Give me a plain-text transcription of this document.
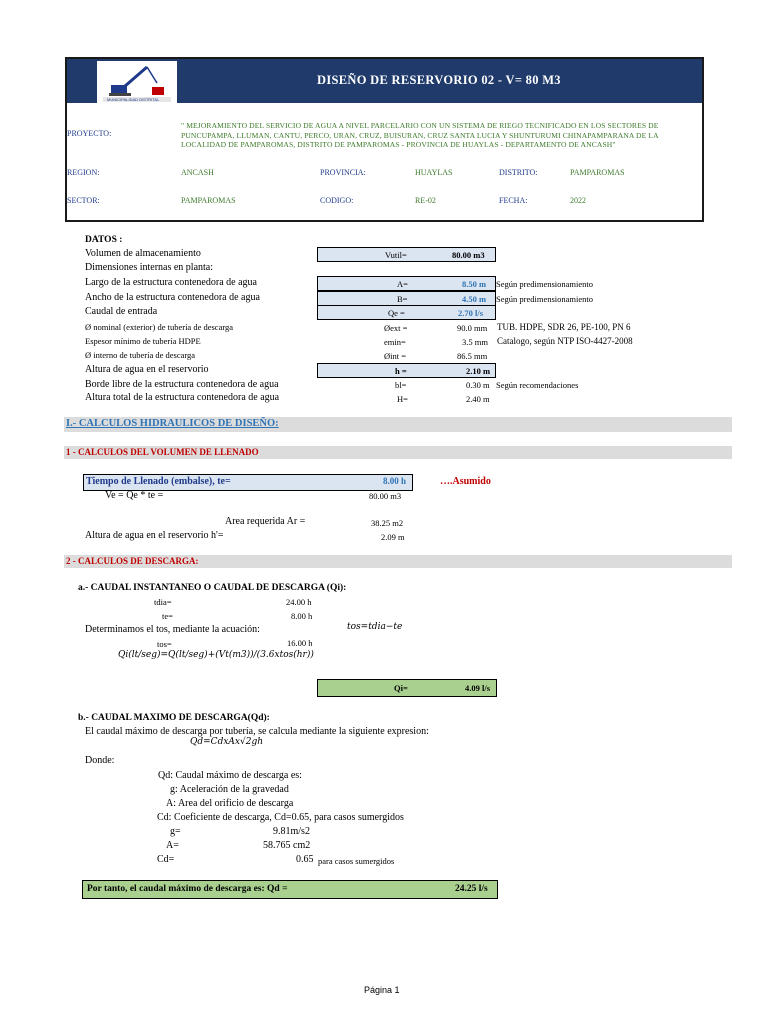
MUNICIPALIDAD DISTRITAL
DISEÑO DE RESERVORIO 02 - V= 80 M3
PROYECTO:
" MEJORAMIENTO DEL SERVICIO DE AGUA A NIVEL PARCELARIO CON UN SISTEMA DE RIEGO TECNIFICADO EN LOS SECTORES DE PUNCUPAMPA, LLUMAN, CANTU, PERCO, URAN, CRUZ, BUISURAN, CRUZ SANTA LUCIA Y SHUNTURUMI CHINAPAMPARANA DE LA LOCALIDAD DE PAMPAROMAS, DISTRITO DE PAMPAROMAS - PROVINCIA DE HUAYLAS - DEPARTAMENTO DE ANCASH"
REGION:	ANCASH	PROVINCIA:	HUAYLAS	DISTRITO:	PAMPAROMAS
SECTOR:	PAMPAROMAS	CODIGO:	RE-02	FECHA:	2022
DATOS :
Volumen de almacenamiento	Vutil=	80.00 m3
Dimensiones internas en planta:
Largo de la estructura contenedora de agua	A=	8.50 m Según predimensionamiento
Ancho de la estructura contenedora de agua	B=	4.50 m Según predimensionamiento
Caudal de entrada	Qe =	2.70 l/s
Ø nominal (exterior) de tubería de descarga	Øext =	90.0 mm TUB. HDPE, SDR 26, PE-100, PN 6
Espesor mínimo de tubería HDPE	emin=	3.5 mm Catalogo, según NTP ISO-4427-2008
Ø interno de tubería de descarga	Øint =	86.5 mm
Altura de agua en el reservorio	h =	2.10 m
Borde libre de la estructura contenedora de agua	bl=	0.30 m Según recomendaciones
Altura total de la estructura contenedora de agua	H=	2.40 m
I.- CALCULOS HIDRAULICOS DE DISEÑO:
1 - CALCULOS DEL VOLUMEN DE LLENADO
Tiempo de Llenado (embalse), te=	8.00 h	….Asumido
Ve = Qe * te =	80.00 m3
Area requerida Ar =	38.25 m2
Altura de agua en el reservorio h'=	2.09 m
2 - CALCULOS DE DESCARGA:
a.- CAUDAL INSTANTANEO O CAUDAL DE DESCARGA (Qi):
tdia=	24.00 h
te=	8.00 h
Determinamos el tos, mediante la acuación:	tos=tdia−te
tos=	16.00 h
Qi(lt/seg)=Q(lt/seg)+(Vt(m3))/(3.6xtos(hr))
Qi=	4.09 l/s
b.- CAUDAL MAXIMO DE DESCARGA(Qd):
El caudal máximo de descarga por tubería, se calcula mediante la siguiente expresion:
Qd=CdxAx√2gh
Donde:
Qd: Caudal máximo de descarga es:
g: Aceleración de la gravedad
A: Area del orificio de descarga
Cd: Coeficiente de descarga, Cd=0.65, para casos sumergidos
g=	9.81m/s2
A=	58.765 cm2
Cd=	0.65 para casos sumergidos
Por tanto, el caudal máximo de descarga es: Qd =	24.25 l/s
Página 1
